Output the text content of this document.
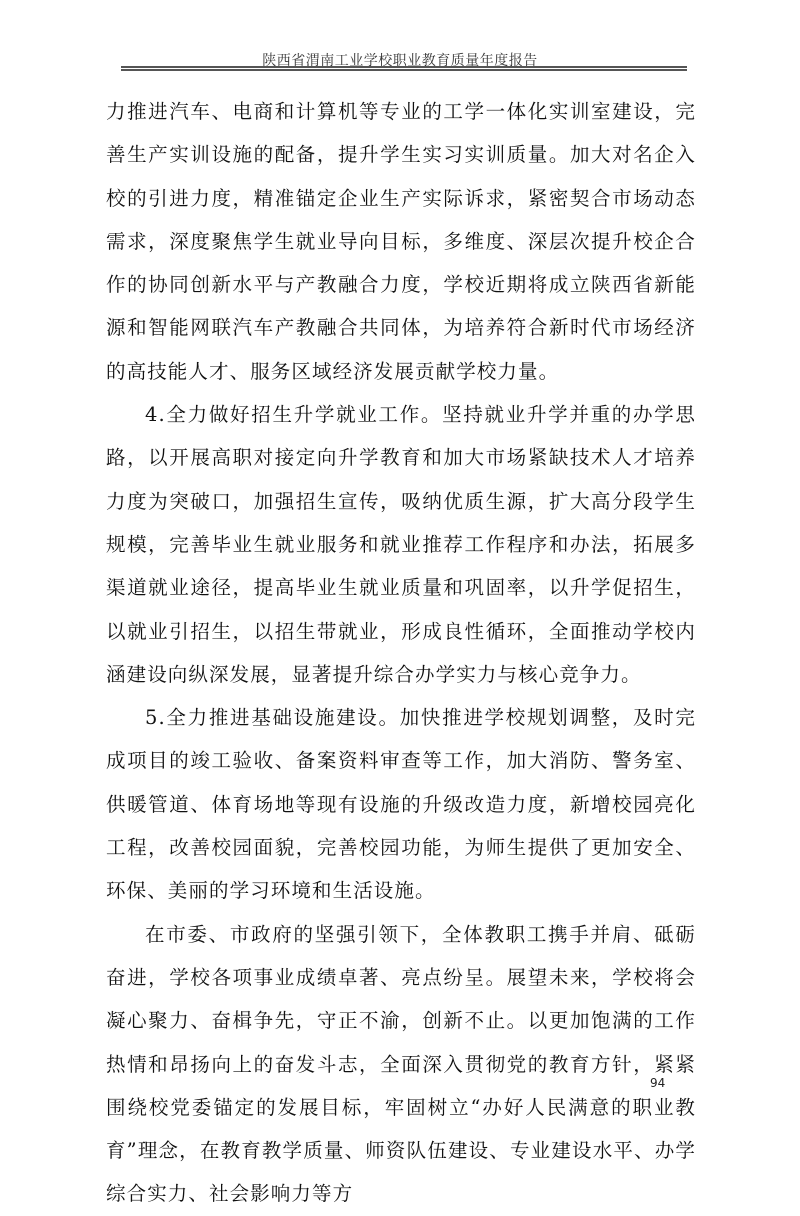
陕西省渭南工业学校职业教育质量年度报告

力推进汽车、电商和计算机等专业的工学一体化实训室建设，完善生产实训设施的配备，提升学生实习实训质量。加大对名企入校的引进力度，精准锚定企业生产实际诉求，紧密契合市场动态需求，深度聚焦学生就业导向目标，多维度、深层次提升校企合作的协同创新水平与产教融合力度，学校近期将成立陕西省新能源和智能网联汽车产教融合共同体，为培养符合新时代市场经济的高技能人才、服务区域经济发展贡献学校力量。

4.全力做好招生升学就业工作。坚持就业升学并重的办学思路，以开展高职对接定向升学教育和加大市场紧缺技术人才培养力度为突破口，加强招生宣传，吸纳优质生源，扩大高分段学生规模，完善毕业生就业服务和就业推荐工作程序和办法，拓展多渠道就业途径，提高毕业生就业质量和巩固率，以升学促招生，以就业引招生，以招生带就业，形成良性循环，全面推动学校内涵建设向纵深发展，显著提升综合办学实力与核心竞争力。

5.全力推进基础设施建设。加快推进学校规划调整，及时完成项目的竣工验收、备案资料审查等工作，加大消防、警务室、供暖管道、体育场地等现有设施的升级改造力度，新增校园亮化工程，改善校园面貌，完善校园功能，为师生提供了更加安全、环保、美丽的学习环境和生活设施。

在市委、市政府的坚强引领下，全体教职工携手并肩、砥砺奋进，学校各项事业成绩卓著、亮点纷呈。展望未来，学校将会凝心聚力、奋楫争先，守正不渝，创新不止。以更加饱满的工作热情和昂扬向上的奋发斗志，全面深入贯彻党的教育方针，紧紧围绕校党委锚定的发展目标，牢固树立“办好人民满意的职业教育”理念，在教育教学质量、师资队伍建设、专业建设水平、办学综合实力、社会影响力等方

94
